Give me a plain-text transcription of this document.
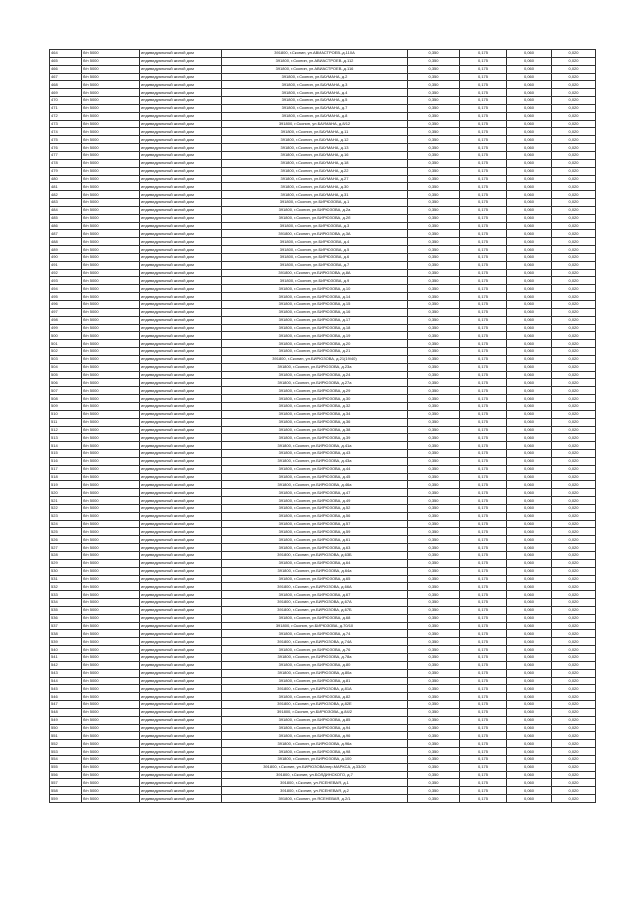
464	б/н 5000	индивидуальный жилой дом	391800, г.Скопин, ул.АВИАСТРОЕВ.,д.110А	0,350	0,175	0,060	0,020
465	б/н 5000	индивидуальный жилой дом	391800, г.Скопин, ул.АВИАСТРОЕВ.,д.112	0,350	0,175	0,060	0,020
466	б/н 5000	индивидуальный жилой дом	391800, г.Скопин, ул.АВИАСТРОЕВ.,д.116	0,350	0,175	0,060	0,020
467	б/н 5000	индивидуальный жилой дом	391800, г.Скопин, ул.БАУМАНА, д.2	0,350	0,175	0,060	0,020
468	б/н 5000	индивидуальный жилой дом	391800, г.Скопин, ул.БАУМАНА, д.3	0,350	0,175	0,060	0,020
469	б/н 5000	индивидуальный жилой дом	391800, г.Скопин, ул.БАУМАНА, д.4	0,350	0,175	0,060	0,020
470	б/н 5000	индивидуальный жилой дом	391800, г.Скопин, ул.БАУМАНА, д.5	0,350	0,175	0,060	0,020
471	б/н 5000	индивидуальный жилой дом	391800, г.Скопин, ул.БАУМАНА, д.7	0,350	0,175	0,060	0,020
472	б/н 5000	индивидуальный жилой дом	391800, г.Скопин, ул.БАУМАНА, д.8	0,350	0,175	0,060	0,020
473	б/н 5000	индивидуальный жилой дом	391800, г.Скопин, ул.БАУМАНА, д.8/12	0,350	0,175	0,060	0,020
474	б/н 5000	индивидуальный жилой дом	391800, г.Скопин, ул.БАУМАНА, д.11	0,350	0,175	0,060	0,020
475	б/н 5000	индивидуальный жилой дом	391800, г.Скопин, ул.БАУМАНА, д.12	0,350	0,175	0,060	0,020
476	б/н 5000	индивидуальный жилой дом	391800, г.Скопин, ул.БАУМАНА, д.13	0,350	0,175	0,060	0,020
477	б/н 5000	индивидуальный жилой дом	391800, г.Скопин, ул.БАУМАНА, д.16	0,350	0,175	0,060	0,020
478	б/н 5000	индивидуальный жилой дом	391800, г.Скопин, ул.БАУМАНА, д.18	0,350	0,175	0,060	0,020
479	б/н 5000	индивидуальный жилой дом	391800, г.Скопин, ул.БАУМАНА, д.22	0,350	0,175	0,060	0,020
480	б/н 5000	индивидуальный жилой дом	391800, г.Скопин, ул.БАУМАНА, д.27	0,350	0,175	0,060	0,020
481	б/н 5000	индивидуальный жилой дом	391800, г.Скопин, ул.БАУМАНА, д.30	0,350	0,175	0,060	0,020
482	б/н 5000	индивидуальный жилой дом	391800, г.Скопин, ул.БАУМАНА, д.31	0,350	0,175	0,060	0,020
483	б/н 5000	индивидуальный жилой дом	391800, г.Скопин, ул.БИРЮЗОВА, д.1	0,350	0,175	0,060	0,020
484	б/н 5000	индивидуальный жилой дом	391800, г.Скопин, ул.БИРЮЗОВА, д.2а	0,350	0,175	0,060	0,020
485	б/н 5000	индивидуальный жилой дом	391800, г.Скопин, ул.БИРЮЗОВА, д.2б	0,350	0,175	0,060	0,020
486	б/н 5000	индивидуальный жилой дом	391800, г.Скопин, ул.БИРЮЗОВА, д.3	0,350	0,175	0,060	0,020
487	б/н 5000	индивидуальный жилой дом	391800, г.Скопин, ул.БИРЮЗОВА, д.3А	0,350	0,175	0,060	0,020
488	б/н 5000	индивидуальный жилой дом	391800, г.Скопин, ул.БИРЮЗОВА, д.4	0,350	0,175	0,060	0,020
489	б/н 5000	индивидуальный жилой дом	391800, г.Скопин, ул.БИРЮЗОВА, д.5	0,350	0,175	0,060	0,020
490	б/н 5000	индивидуальный жилой дом	391800, г.Скопин, ул.БИРЮЗОВА, д.6	0,350	0,175	0,060	0,020
491	б/н 5000	индивидуальный жилой дом	391800, г.Скопин, ул.БИРЮЗОВА, д.7	0,350	0,175	0,060	0,020
492	б/н 5000	индивидуальный жилой дом	391800, г.Скопин, ул.БИРЮЗОВА, д.8А	0,350	0,175	0,060	0,020
493	б/н 5000	индивидуальный жилой дом	391800, г.Скопин, ул.БИРЮЗОВА, д.9	0,350	0,175	0,060	0,020
494	б/н 5000	индивидуальный жилой дом	391800, г.Скопин, ул.БИРЮЗОВА, д.10	0,350	0,175	0,060	0,020
495	б/н 5000	индивидуальный жилой дом	391800, г.Скопин, ул.БИРЮЗОВА, д.14	0,350	0,175	0,060	0,020
496	б/н 5000	индивидуальный жилой дом	391800, г.Скопин, ул.БИРЮЗОВА, д.15	0,350	0,175	0,060	0,020
497	б/н 5000	индивидуальный жилой дом	391800, г.Скопин, ул.БИРЮЗОВА, д.16	0,350	0,175	0,060	0,020
498	б/н 5000	индивидуальный жилой дом	391800, г.Скопин, ул.БИРЮЗОВА, д.17	0,350	0,175	0,060	0,020
499	б/н 5000	индивидуальный жилой дом	391800, г.Скопин, ул.БИРЮЗОВА, д.18	0,350	0,175	0,060	0,020
500	б/н 5000	индивидуальный жилой дом	391800, г.Скопин, ул.БИРЮЗОВА, д.19	0,350	0,175	0,060	0,020
501	б/н 5000	индивидуальный жилой дом	391800, г.Скопин, ул.БИРЮЗОВА, д.20	0,350	0,175	0,060	0,020
502	б/н 5000	индивидуальный жилой дом	391800, г.Скопин, ул.БИРЮЗОВА, д.21	0,350	0,175	0,060	0,020
503	б/н 5000	индивидуальный жилой дом	391800, г.Скопин, ул.БИРЮЗОВА, д.21(19/40)	0,350	0,175	0,060	0,020
504	б/н 5000	индивидуальный жилой дом	391800, г.Скопин, ул.БИРЮЗОВА, д.23а	0,350	0,175	0,060	0,020
505	б/н 5000	индивидуальный жилой дом	391800, г.Скопин, ул.БИРЮЗОВА, д.24	0,350	0,175	0,060	0,020
506	б/н 5000	индивидуальный жилой дом	391800, г.Скопин, ул.БИРЮЗОВА, д.27а	0,350	0,175	0,060	0,020
507	б/н 5000	индивидуальный жилой дом	391800, г.Скопин, ул.БИРЮЗОВА, д.29	0,350	0,175	0,060	0,020
508	б/н 5000	индивидуальный жилой дом	391800, г.Скопин, ул.БИРЮЗОВА, д.30	0,350	0,175	0,060	0,020
509	б/н 5000	индивидуальный жилой дом	391800, г.Скопин, ул.БИРЮЗОВА, д.32	0,350	0,175	0,060	0,020
510	б/н 5000	индивидуальный жилой дом	391800, г.Скопин, ул.БИРЮЗОВА, д.34	0,350	0,175	0,060	0,020
511	б/н 5000	индивидуальный жилой дом	391800, г.Скопин, ул.БИРЮЗОВА, д.36	0,350	0,175	0,060	0,020
512	б/н 5000	индивидуальный жилой дом	391800, г.Скопин, ул.БИРЮЗОВА, д.38	0,350	0,175	0,060	0,020
513	б/н 5000	индивидуальный жилой дом	391800, г.Скопин, ул.БИРЮЗОВА, д.39	0,350	0,175	0,060	0,020
514	б/н 5000	индивидуальный жилой дом	391800, г.Скопин, ул.БИРЮЗОВА, д.41а	0,350	0,175	0,060	0,020
515	б/н 5000	индивидуальный жилой дом	391800, г.Скопин, ул.БИРЮЗОВА, д.43	0,350	0,175	0,060	0,020
516	б/н 5000	индивидуальный жилой дом	391800, г.Скопин, ул.БИРЮЗОВА, д.43а	0,350	0,175	0,060	0,020
517	б/н 5000	индивидуальный жилой дом	391800, г.Скопин, ул.БИРЮЗОВА, д.44	0,350	0,175	0,060	0,020
518	б/н 5000	индивидуальный жилой дом	391800, г.Скопин, ул.БИРЮЗОВА, д.45	0,350	0,175	0,060	0,020
519	б/н 5000	индивидуальный жилой дом	391800, г.Скопин, ул.БИРЮЗОВА, д.46а	0,350	0,175	0,060	0,020
520	б/н 5000	индивидуальный жилой дом	391800, г.Скопин, ул.БИРЮЗОВА, д.47	0,350	0,175	0,060	0,020
521	б/н 5000	индивидуальный жилой дом	391800, г.Скопин, ул.БИРЮЗОВА, д.49	0,350	0,175	0,060	0,020
522	б/н 5000	индивидуальный жилой дом	391800, г.Скопин, ул.БИРЮЗОВА, д.52	0,350	0,175	0,060	0,020
523	б/н 5000	индивидуальный жилой дом	391800, г.Скопин, ул.БИРЮЗОВА, д.56	0,350	0,175	0,060	0,020
524	б/н 5000	индивидуальный жилой дом	391800, г.Скопин, ул.БИРЮЗОВА, д.57	0,350	0,175	0,060	0,020
525	б/н 5000	индивидуальный жилой дом	391800, г.Скопин, ул.БИРЮЗОВА, д.59	0,350	0,175	0,060	0,020
526	б/н 5000	индивидуальный жилой дом	391800, г.Скопин, ул.БИРЮЗОВА, д.61	0,350	0,175	0,060	0,020
527	б/н 5000	индивидуальный жилой дом	391800, г.Скопин, ул.БИРЮЗОВА, д.63	0,350	0,175	0,060	0,020
528	б/н 5000	индивидуальный жилой дом	391800, г.Скопин, ул.БИРЮЗОВА, д.63Б	0,350	0,175	0,060	0,020
529	б/н 5000	индивидуальный жилой дом	391800, г.Скопин, ул.БИРЮЗОВА, д.64	0,350	0,175	0,060	0,020
530	б/н 5000	индивидуальный жилой дом	391800, г.Скопин, ул.БИРЮЗОВА, д.64а	0,350	0,175	0,060	0,020
531	б/н 5000	индивидуальный жилой дом	391800, г.Скопин, ул.БИРЮЗОВА, д.65	0,350	0,175	0,060	0,020
532	б/н 5000	индивидуальный жилой дом	391800, г.Скопин, ул.БИРЮЗОВА, д.66А	0,350	0,175	0,060	0,020
533	б/н 5000	индивидуальный жилой дом	391800, г.Скопин, ул.БИРЮЗОВА, д.67	0,350	0,175	0,060	0,020
534	б/н 5000	индивидуальный жилой дом	391800, г.Скопин, ул.БИРЮЗОВА, д.67А	0,350	0,175	0,060	0,020
535	б/н 5000	индивидуальный жилой дом	391800, г.Скопин, ул.БИРЮЗОВА, д.67Б	0,350	0,175	0,060	0,020
536	б/н 5000	индивидуальный жилой дом	391800, г.Скопин, ул.БИРЮЗОВА, д.68	0,350	0,175	0,060	0,020
537	б/н 5000	индивидуальный жилой дом	391800, г.Скопин, ул.БИРЮЗОВА, д.70/10	0,350	0,175	0,060	0,020
538	б/н 5000	индивидуальный жилой дом	391800, г.Скопин, ул.БИРЮЗОВА, д.74	0,350	0,175	0,060	0,020
539	б/н 5000	индивидуальный жилой дом	391800, г.Скопин, ул.БИРЮЗОВА, д.74А	0,350	0,175	0,060	0,020
540	б/н 5000	индивидуальный жилой дом	391800, г.Скопин, ул.БИРЮЗОВА, д.76	0,350	0,175	0,060	0,020
541	б/н 5000	индивидуальный жилой дом	391800, г.Скопин, ул.БИРЮЗОВА, д.78а	0,350	0,175	0,060	0,020
542	б/н 5000	индивидуальный жилой дом	391800, г.Скопин, ул.БИРЮЗОВА, д.80	0,350	0,175	0,060	0,020
543	б/н 5000	индивидуальный жилой дом	391800, г.Скопин, ул.БИРЮЗОВА, д.80а	0,350	0,175	0,060	0,020
544	б/н 5000	индивидуальный жилой дом	391800, г.Скопин, ул.БИРЮЗОВА, д.81	0,350	0,175	0,060	0,020
545	б/н 5000	индивидуальный жилой дом	391800, г.Скопин, ул.БИРЮЗОВА, д.81А	0,350	0,175	0,060	0,020
546	б/н 5000	индивидуальный жилой дом	391800, г.Скопин, ул.БИРЮЗОВА, д.82	0,350	0,175	0,060	0,020
547	б/н 5000	индивидуальный жилой дом	391800, г.Скопин, ул.БИРЮЗОВА, д.82Е	0,350	0,175	0,060	0,020
548	б/н 5000	индивидуальный жилой дом	391800, г.Скопин, ул.БИРЮЗОВА, д.84/2	0,350	0,175	0,060	0,020
549	б/н 5000	индивидуальный жилой дом	391800, г.Скопин, ул.БИРЮЗОВА, д.85	0,350	0,175	0,060	0,020
550	б/н 5000	индивидуальный жилой дом	391800, г.Скопин, ул.БИРЮЗОВА, д.94	0,350	0,175	0,060	0,020
551	б/н 5000	индивидуальный жилой дом	391800, г.Скопин, ул.БИРЮЗОВА, д.96	0,350	0,175	0,060	0,020
552	б/н 5000	индивидуальный жилой дом	391800, г.Скопин, ул.БИРЮЗОВА, д.96а	0,350	0,175	0,060	0,020
553	б/н 5000	индивидуальный жилой дом	391800, г.Скопин, ул.БИРЮЗОВА, д.98	0,350	0,175	0,060	0,020
554	б/н 5000	индивидуальный жилой дом	391800, г.Скопин, ул.БИРЮЗОВА, д.100	0,350	0,175	0,060	0,020
555	б/н 5000	индивидуальный жилой дом	391800, г.Скопин, ул.БИРЮЗОВА/пер.МАРКСА, д.33/20	0,350	0,175	0,060	0,020
556	б/н 5000	индивидуальный жилой дом	391800, г.Скопин, ул.БОЛДИНСКОГО, д.7	0,350	0,175	0,060	0,020
557	б/н 5000	индивидуальный жилой дом	391800, г.Скопин, ул.ЯСЕНЕВАЯ, д.1	0,350	0,175	0,060	0,020
558	б/н 5000	индивидуальный жилой дом	391800, г.Скопин, ул.ЯСЕНЕВАЯ, д.2	0,350	0,175	0,060	0,020
559	б/н 5000	индивидуальный жилой дом	391800, г.Скопин, ул.ЯСЕНЕВАЯ, д.2/1	0,350	0,175	0,060	0,020
